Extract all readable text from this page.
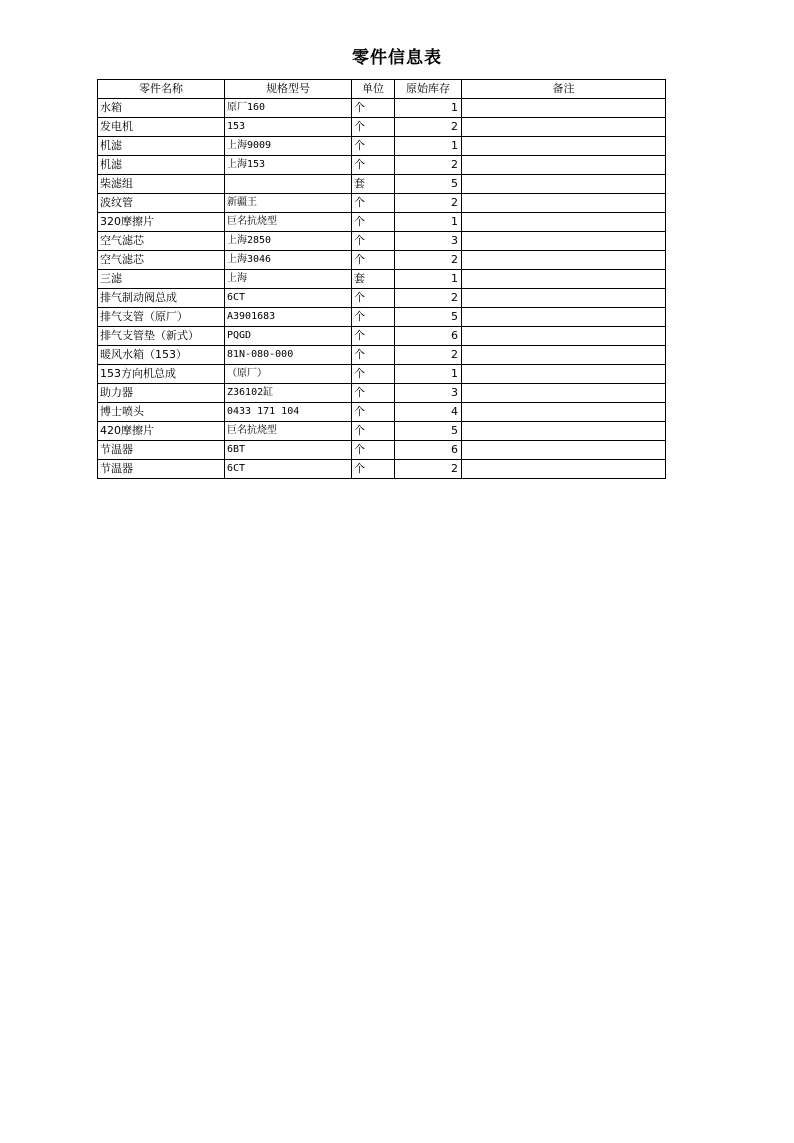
零件信息表
零件名称	规格型号	单位	原始库存	备注
水箱	原厂160	个	1	
发电机	153	个	2	
机滤	上海9009	个	1	
机滤	上海153	个	2	
柴滤组		套	5	
波纹管	新疆王	个	2	
320摩擦片	巨名抗烧型	个	1	
空气滤芯	上海2850	个	3	
空气滤芯	上海3046	个	2	
三滤	上海	套	1	
排气制动阀总成	6CT	个	2	
排气支管（原厂）	A3901683	个	5	
排气支管垫（新式）	PQGD	个	6	
暖风水箱（153）	81N-080-000	个	2	
153方向机总成	（原厂）	个	1	
助力器	Z36102缸	个	3	
博士喷头	0433 171 104	个	4	
420摩擦片	巨名抗烧型	个	5	
节温器	6BT	个	6	
节温器	6CT	个	2	
